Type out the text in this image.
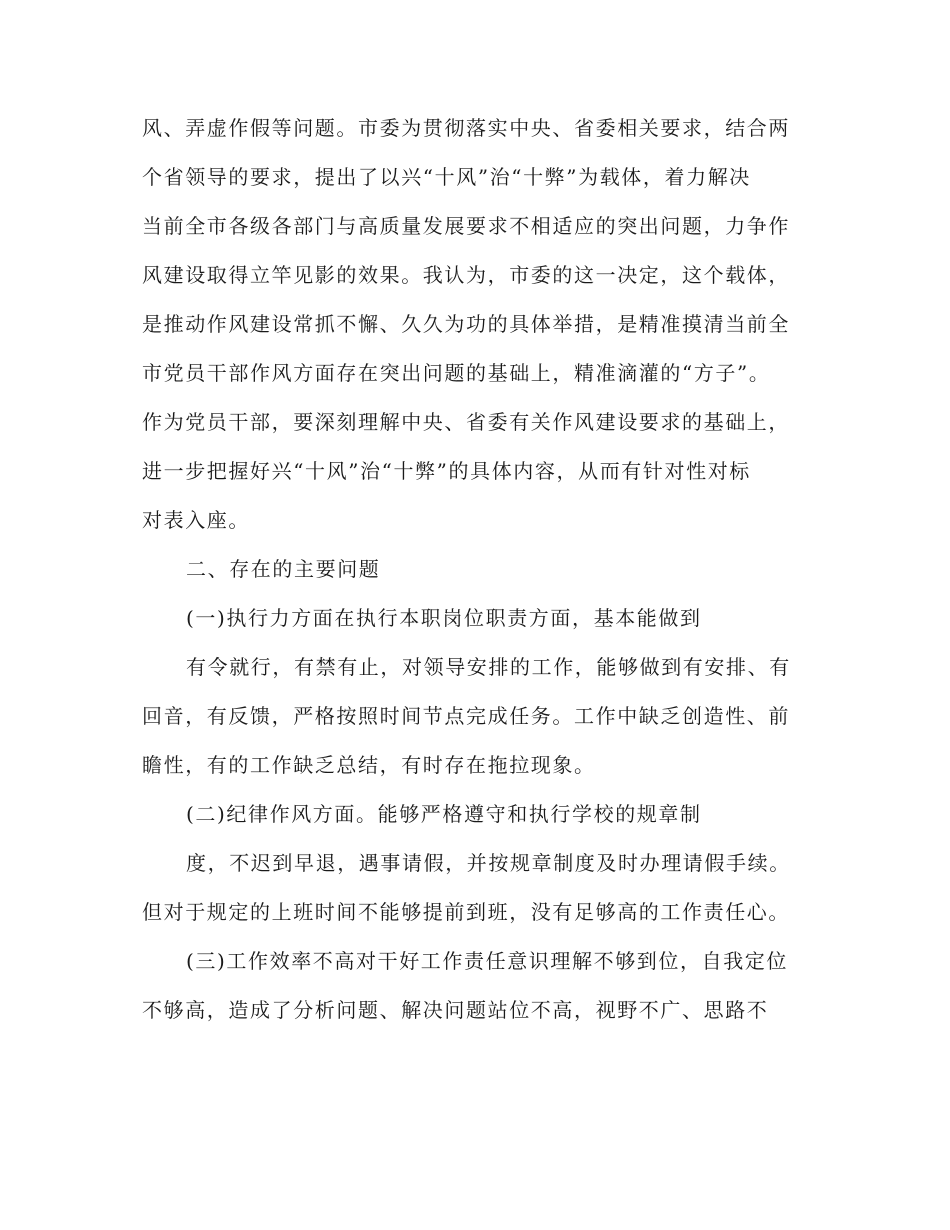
风、弄虚作假等问题。市委为贯彻落实中央、省委相关要求，结合两

个省领导的要求，提出了以兴“十风”治“十弊”为载体，着力解决

当前全市各级各部门与高质量发展要求不相适应的突出问题，力争作

风建设取得立竿见影的效果。我认为，市委的这一决定，这个载体，

是推动作风建设常抓不懈、久久为功的具体举措，是精准摸清当前全

市党员干部作风方面存在突出问题的基础上，精准滴灌的“方子”。

作为党员干部，要深刻理解中央、省委有关作风建设要求的基础上，

进一步把握好兴“十风”治“十弊”的具体内容，从而有针对性对标

对表入座。

二、存在的主要问题

(一)执行力方面在执行本职岗位职责方面，基本能做到

有令就行，有禁有止，对领导安排的工作，能够做到有安排、有

回音，有反馈，严格按照时间节点完成任务。工作中缺乏创造性、前

瞻性，有的工作缺乏总结，有时存在拖拉现象。

(二)纪律作风方面。能够严格遵守和执行学校的规章制

度，不迟到早退，遇事请假，并按规章制度及时办理请假手续。

但对于规定的上班时间不能够提前到班，没有足够高的工作责任心。

(三)工作效率不高对干好工作责任意识理解不够到位，自我定位

不够高，造成了分析问题、解决问题站位不高，视野不广、思路不
